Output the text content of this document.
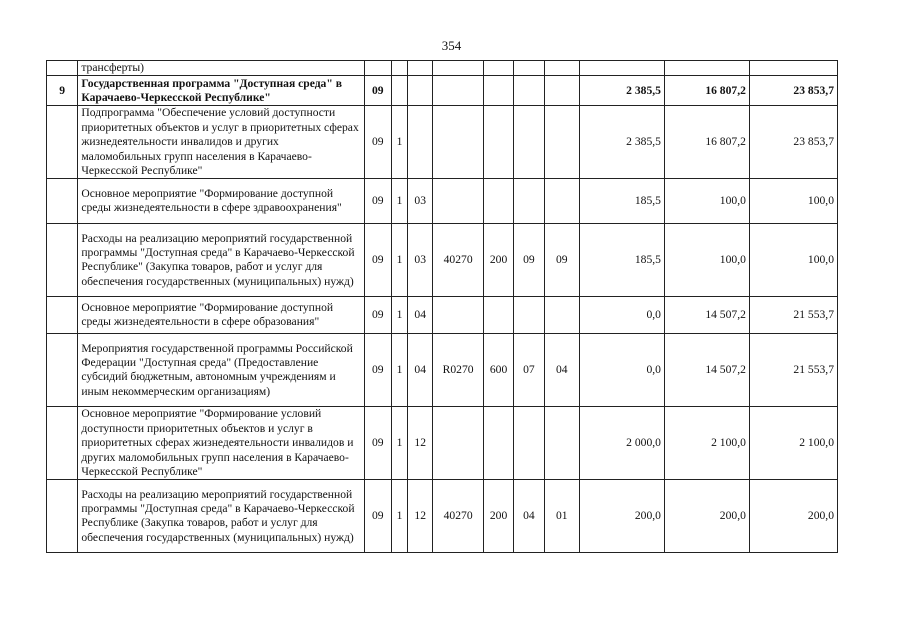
354
	трансферты)										
9	Государственная программа "Доступная среда" в Карачаево-Черкесской Республике"	09							2 385,5	16 807,2	23 853,7
	Подпрограмма "Обеспечение условий доступности приоритетных объектов и услуг в приоритетных сферах жизнедеятельности инвалидов и других маломобильных групп населения в Карачаево-Черкесской Республике"	09	1						2 385,5	16 807,2	23 853,7
	Основное мероприятие "Формирование доступной среды жизнедеятельности в сфере здравоохранения"	09	1	03					185,5	100,0	100,0
	Расходы на реализацию мероприятий государственной программы "Доступная среда" в Карачаево-Черкесской Республике" (Закупка товаров, работ и услуг для обеспечения государственных (муниципальных) нужд)	09	1	03	40270	200	09	09	185,5	100,0	100,0
	Основное мероприятие "Формирование доступной среды жизнедеятельности в сфере образования"	09	1	04					0,0	14 507,2	21 553,7
	Мероприятия государственной программы Российской Федерации "Доступная среда" (Предоставление субсидий бюджетным, автономным учреждениям и иным некоммерческим организациям)	09	1	04	R0270	600	07	04	0,0	14 507,2	21 553,7
	Основное мероприятие "Формирование условий доступности приоритетных объектов и услуг в приоритетных сферах жизнедеятельности инвалидов и других маломобильных групп населения в Карачаево-Черкесской Республике"	09	1	12					2 000,0	2 100,0	2 100,0
	Расходы на реализацию мероприятий государственной программы "Доступная среда" в Карачаево-Черкесской Республике (Закупка товаров, работ и услуг для обеспечения государственных (муниципальных) нужд)	09	1	12	40270	200	04	01	200,0	200,0	200,0
